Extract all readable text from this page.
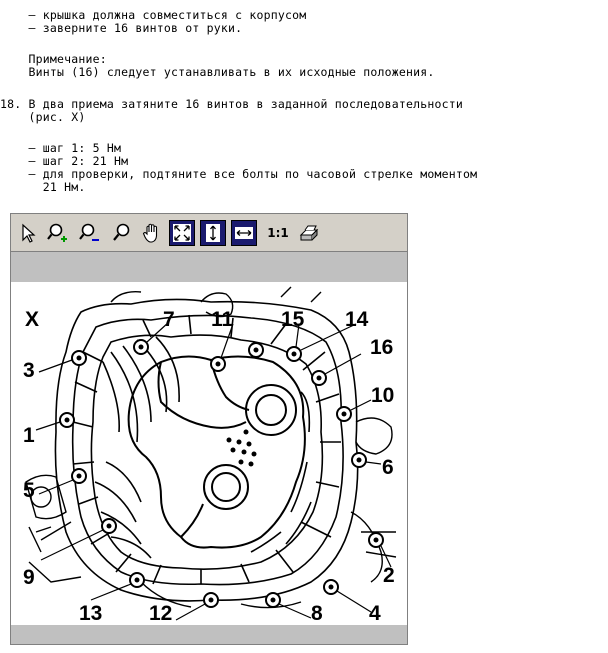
– крышка должна совместиться с корпусом
– заверните 16 винтов от руки.
Примечание:
Винты (16) следует устанавливать в их исходные положения.
18. В два приема затяните 16 винтов в заданной последовательности
(рис. X)
– шаг 1: 5 Нм
– шаг 2: 21 Нм
– для проверки, подтяните все болты по часовой стрелке моментом
21 Нм.
1:1
X
3
1
5
9
13 12	8 4
2
6
10
16
14
15
11
7
